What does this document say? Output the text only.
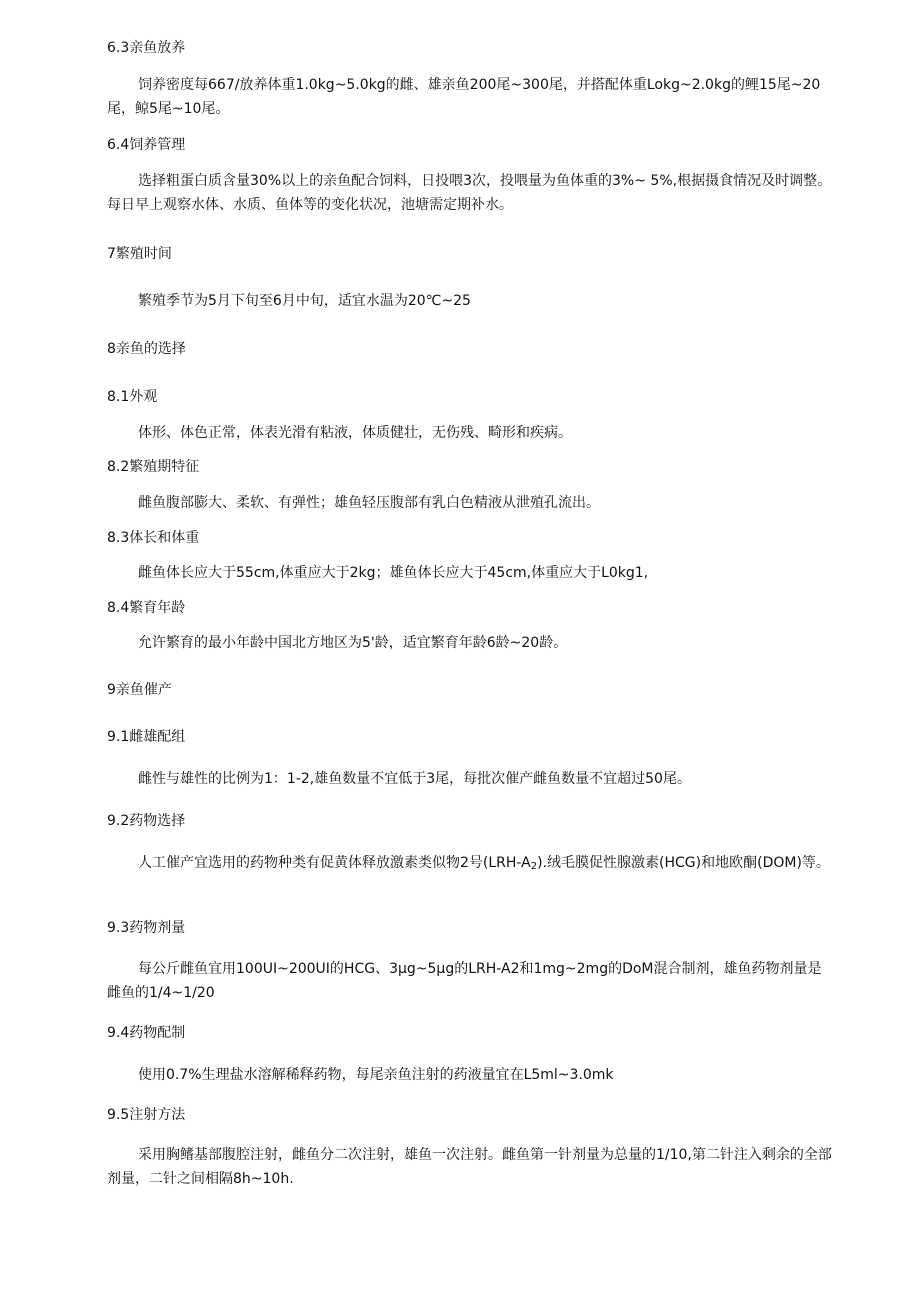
6.3亲鱼放养

饲养密度每667/放养体重1.0kg~5.0kg的雌、雄亲鱼200尾~300尾，并搭配体重Lokg~2.0kg的鲤15尾~20尾，鲸5尾~10尾。

6.4饲养管理

选择粗蛋白质含量30%以上的亲鱼配合饲料，日投喂3次，投喂量为鱼体重的3%~ 5%,根据摄食情况及时调整。每日早上观察水体、水质、鱼体等的变化状况，池塘需定期补水。

7繁殖时间

繁殖季节为5月下旬至6月中旬，适宜水温为20℃~25

8亲鱼的选择

8.1外观

体形、体色正常，体表光滑有粘液，体质健壮，无伤残、畸形和疾病。

8.2繁殖期特征

雌鱼腹部膨大、柔软、有弹性；雄鱼轻压腹部有乳白色精液从泄殖孔流出。

8.3体长和体重

雌鱼体长应大于55cm,体重应大于2kg；雄鱼体长应大于45cm,体重应大于L0kg1,

8.4繁育年龄

允许繁育的最小年龄中国北方地区为5'龄，适宜繁育年龄6龄~20龄。

9亲鱼催产

9.1雌雄配组

雌性与雄性的比例为1：1-2,雄鱼数量不宜低于3尾，每批次催产雌鱼数量不宜超过50尾。

9.2药物选择

人工催产宜选用的药物种类有促黄体释放激素类似物2号$(LRH-A_2)$.绒毛膜促性腺激素(HCG)和地欧酮(DOM)等。

9.3药物剂量

每公斤雌鱼宜用100UI~200UI的HCG、3μg~5μg的LRH-A2和1mg~2mg的DoM混合制剂，雄鱼药物剂量是雌鱼的1/4~1/20

9.4药物配制

使用0.7%生理盐水溶解稀释药物，每尾亲鱼注射的药液量宜在L5ml~3.0mk

9.5注射方法

采用胸鳍基部腹腔注射，雌鱼分二次注射，雄鱼一次注射。雌鱼第一针剂量为总量的1/10,第二针注入剩余的全部剂量，二针之间相隔8h~10h.
